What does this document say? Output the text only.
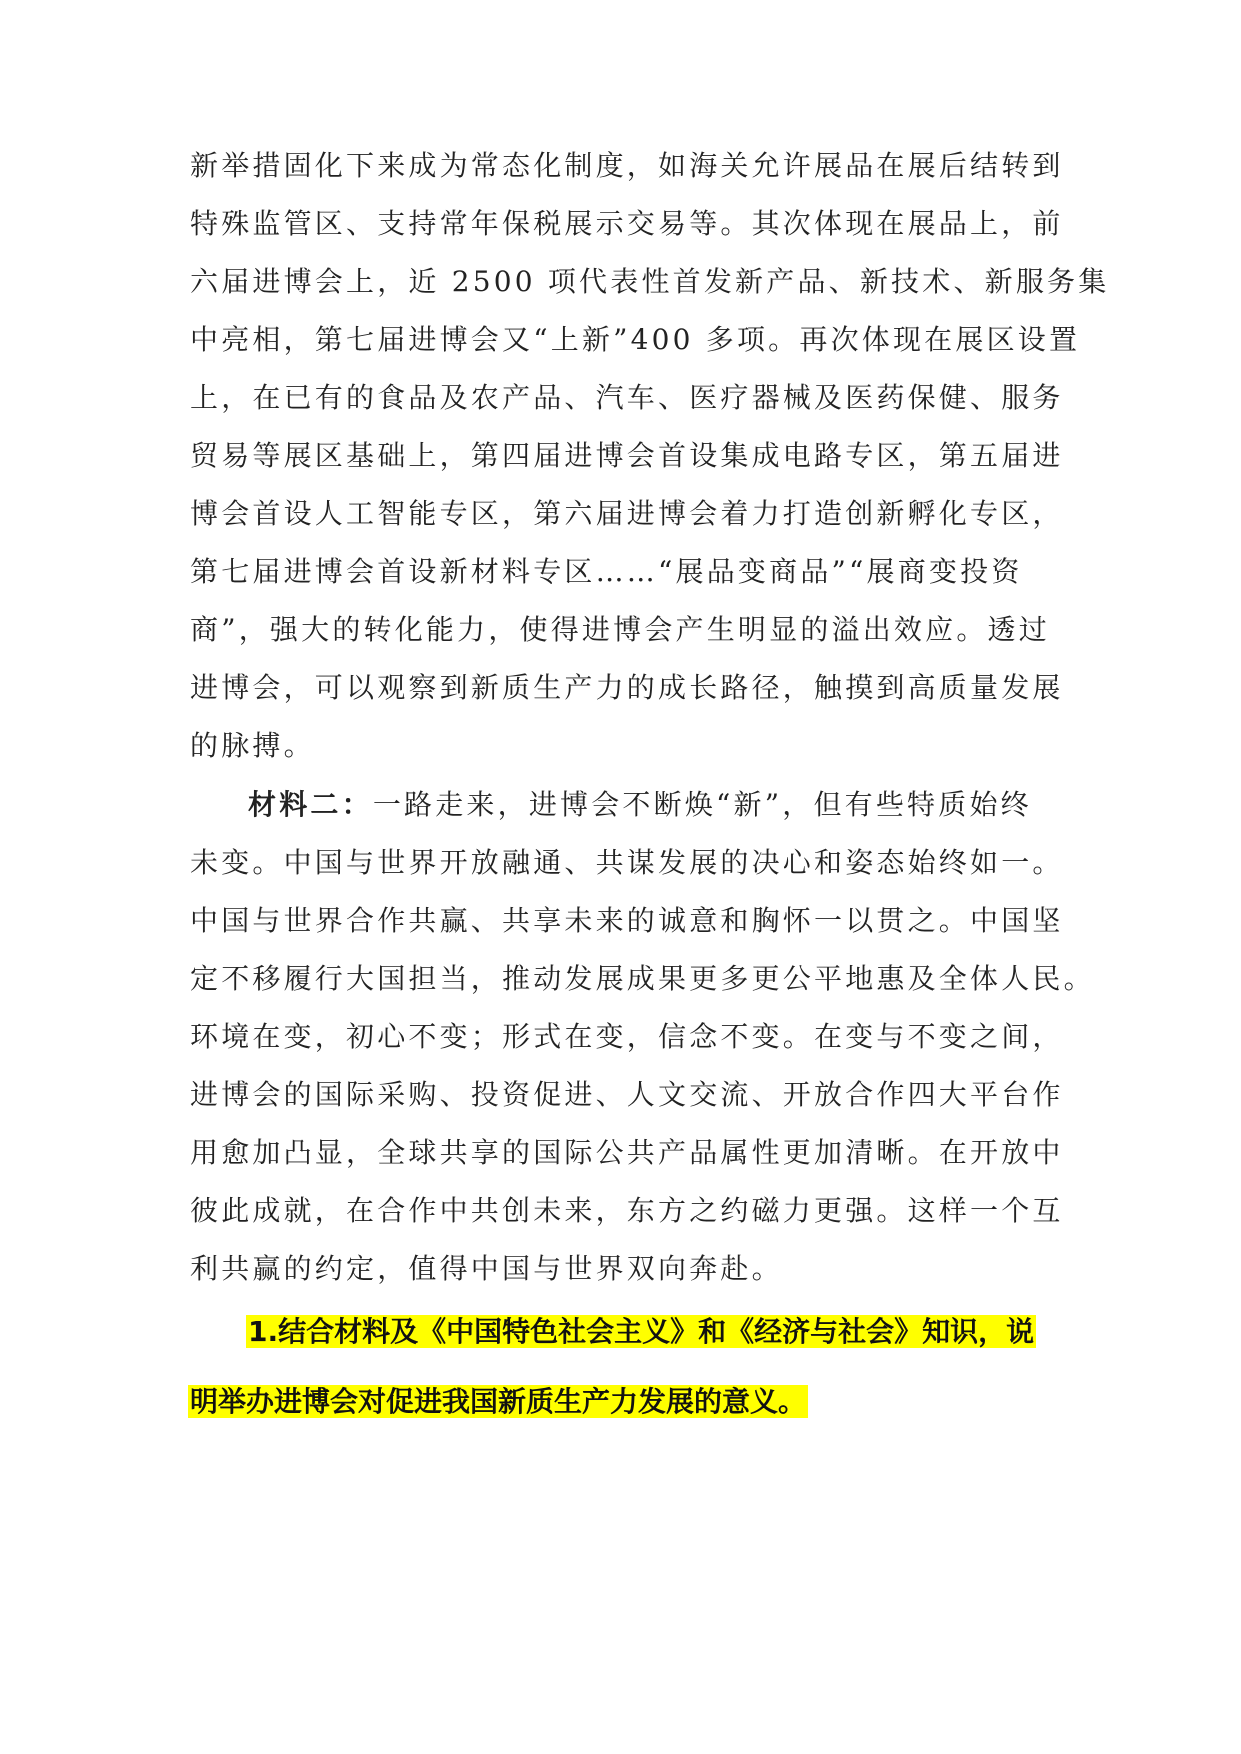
新举措固化下来成为常态化制度，如海关允许展品在展后结转到
特殊监管区、支持常年保税展示交易等。其次体现在展品上，前
六届进博会上，近 2500 项代表性首发新产品、新技术、新服务集
中亮相，第七届进博会又“上新”400 多项。再次体现在展区设置
上，在已有的食品及农产品、汽车、医疗器械及医药保健、服务
贸易等展区基础上，第四届进博会首设集成电路专区，第五届进
博会首设人工智能专区，第六届进博会着力打造创新孵化专区，
第七届进博会首设新材料专区……“展品变商品”“展商变投资
商”，强大的转化能力，使得进博会产生明显的溢出效应。透过
进博会，可以观察到新质生产力的成长路径，触摸到高质量发展
的脉搏。
材料二：一路走来，进博会不断焕“新”，但有些特质始终
未变。中国与世界开放融通、共谋发展的决心和姿态始终如一。
中国与世界合作共赢、共享未来的诚意和胸怀一以贯之。中国坚
定不移履行大国担当，推动发展成果更多更公平地惠及全体人民。
环境在变，初心不变；形式在变，信念不变。在变与不变之间，
进博会的国际采购、投资促进、人文交流、开放合作四大平台作
用愈加凸显，全球共享的国际公共产品属性更加清晰。在开放中
彼此成就，在合作中共创未来，东方之约磁力更强。这样一个互
利共赢的约定，值得中国与世界双向奔赴。
1.结合材料及《中国特色社会主义》和《经济与社会》知识，说
明举办进博会对促进我国新质生产力发展的意义。
